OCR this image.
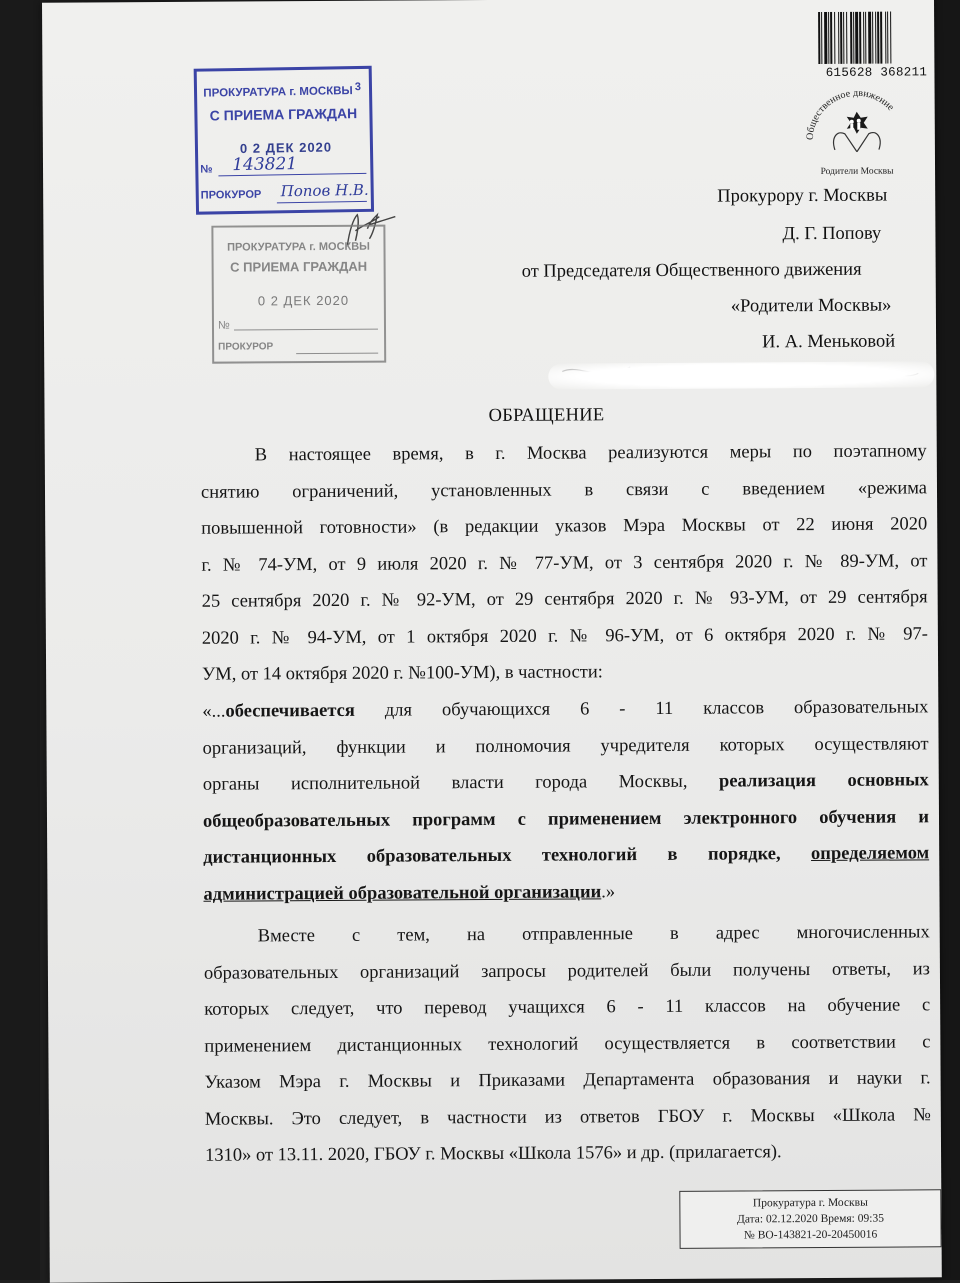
3
ПРОКУРАТУРА г. МОСКВЫ
С ПРИЕМА ГРАЖДАН
0 2 ДЕК 2020
№ 143821
ПРОКУРОР Попов Н.В.
ПРОКУРАТУРА г. МОСКВЫ
С ПРИЕМА ГРАЖДАН
0 2 ДЕК 2020
№
ПРОКУРОР
615628 368211
Общественное движение
Родители Москвы
Прокурору г. Москвы
Д. Г. Попову
от Председателя Общественного движения
«Родители Москвы»
И. А. Меньковой
ОБРАЩЕНИЕ
В настоящее время, в г. Москва реализуются меры по поэтапному
снятию ограничений, установленных в связи с введением «режима
повышенной готовности» (в редакции указов Мэра Москвы от 22 июня 2020
г. № 74-УМ, от 9 июля 2020 г. № 77-УМ, от 3 сентября 2020 г. № 89-УМ, от
25 сентября 2020 г. № 92-УМ, от 29 сентября 2020 г. № 93-УМ, от 29 сентября
2020 г. № 94-УМ, от 1 октября 2020 г. № 96-УМ, от 6 октября 2020 г. № 97-
УМ, от 14 октября 2020 г. №100-УМ), в частности:
«...обеспечивается для обучающихся 6 - 11 классов образовательных
организаций, функции и полномочия учредителя которых осуществляют
органы исполнительной власти города Москвы, реализация основных
общеобразовательных программ с применением электронного обучения и
дистанционных образовательных технологий в порядке, определяемом
администрацией образовательной организации.»
Вместе с тем, на отправленные в адрес многочисленных
образовательных организаций запросы родителей были получены ответы, из
которых следует, что перевод учащихся 6 - 11 классов на обучение с
применением дистанционных технологий осуществляется в соответствии с
Указом Мэра г. Москвы и Приказами Департамента образования и науки г.
Москвы. Это следует, в частности из ответов ГБОУ г. Москвы «Школа №
1310» от 13.11. 2020, ГБОУ г. Москвы «Школа 1576» и др. (прилагается).
Прокуратура г. Москвы
Дата: 02.12.2020 Время: 09:35
№ ВО-143821-20-20450016
